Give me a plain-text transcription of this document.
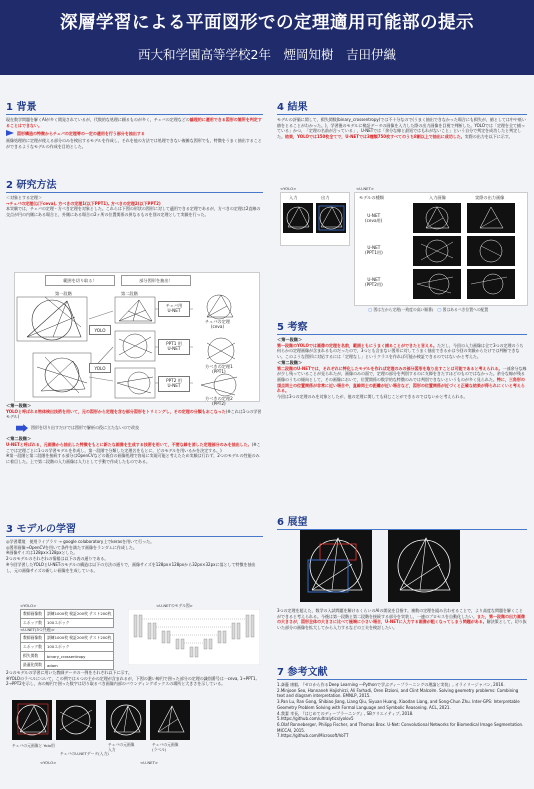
深層学習による平面図形での定理適用可能部の提示
西大和学園高等学校2年　煙岡知樹　吉田伊織
1 背景

現在数学問題を解くAIが多く開発されているが，代数的な処理に頼るものが多く，チェバの定理などの論理的に適用できる図形の箇所を判定することはできない。

図形構造の特徴からチェバの定理等の一定の適用を行う部分を抽出する

画像処理的に定理が使える部分のみを検出するモデルを作成し，それを他の方法では処理できない複雑な図形でも，特徴をうまく抽出することができるようなモデルの作成を目的とした。

2 研究方法

＜対象とする定理＞

→チェバの定理(以下ceva), 方べきの定理1(以下PPT1), 方べきの定理2(以下PPT2)

本実験では，チェバの定理・方べき定理を対象とした。これらは下図の形状の図形に対して適用できる定理であるが，方べきの定理は2直線の交点が円の内側にある場合と，外側にある場合の2ヶ所の位置関係の異なるものを別の定理として実験を行った。

範囲を切り取る！	部分図形を抽出！
第一段階	第二段階
YOLO
YOLO
チェバ用
U-NET
PPT1 用
U-NET
PPT2 用
U-NET
チェバの定理
(ceva)
方べきの定理1
(PPT1)
方べきの定理2
(PPT2)

＜第一段階＞

YOLOと呼ばれる物体検出技術を用いて，元の図形から定理を含む部分図形をトリミングし，その定理の分類もおこなった(※これは1つの学習モデル)

図形を切り出すだけでは図形で解析の役に立たないので改良

＜第二段階＞

U-NETと呼ばれる，元画像から抽出した特徴をもとに新たな画像を生成する技術を用いて，不要な線を消した定理部分のみを抽出した。(※ここでは定理ごとに1つの学習モデルを作成し，第一段階で分類した定理名をもとに，どのモデルを用いるかを決定する。)

※第一段階と第二段階を接続する部分はOpenCVなどの既存の画像処理で容易に実現可能と考えたため実験は行わず，2つのモデルの性能のみに着目した。上で第二段階の入力画像は人力として手動で作成したものである。

3 モデルの学習

◎学習環境　使用ライブラリ → google colaboratory上でkerasを用いて行った。

◎図形画像→OpenCVを用いて条件を満たす画像をランダムに作成した。

※画像サイズは128px×128pxとした。

2つのモデルのそれぞれの情報は以下の表の通りである。

※今回学習したYOLOとU-NETのモデルの構造は以下の方法の通りで，画像サイズを128px×128pxから32px×32pxに落として特徴を抽出し，元の画像サイズの新しい画像を生成している。

<YOLO>
教師画像数	訓練1000枚 検証200枚 テスト200枚
エポック数	100エポック
<U-NET(3つ共通)>
教師画像数	訓練1000枚 検証200枚 テスト200枚
エポック数	100エポック
損失関数	binary_crossentropy
最適化関数	adam
<U-NETのモデル図>

2つのモデルの学習に用いた教師データの一例をそれぞれ以下に示す。

※YOLOのラベルについて，この例ではｓつの主かの定理が含まれるが，下図の濃い線円で囲った部分の定理の識別番号は一ceva, 1→PPT1, 2→PPT2を示し，赤の線円で囲った数字は切り取るべき画像内部のバウンディングボックスの場所と大きさを示している。

チェバの元画像と Yolo用
チェバのU-NETデータ(入力)
チェバの元画像
入力
チェバの元画像
(ラベル)
<YOLO>	<U-NET>
4 結果

モデルの評価に関して，損失関数(binary_crossentropy)では不十分なので(うまく抽出できなかった場合にも損失が，値としては中や低い値をとることがわかった。)，学習後のモデルに検証データの画像を入力した際の出力画像を目視で判断した。YOLOでは「定理を全て捕っている」かつ，「定理の名前が合っている」，U-NETでは「余分な線と最短ではもれがないこと」という自分で判定を成功したと判定した。結果，YOLOでは150枚全てで，U-NETでは3種類750枚すべてのうち8割以上で抽出に成功した。実際の出力を以下に示す。

<YOLO>	<U-NET>
入力	出力	モデルの種類	入力画像	実際の出力画像
U-NET
(ceva用)
U-NET
(PPT1用)
U-NET
(PPT2用)
◯ 図は左から定理(一致度の高い順番)　 ◯ 図はあるべき位置への配置
5 考察

＜第一段階＞

第一段階のYOLOでは画像の定理を名前，範囲ともにうまく捕ることができたと言える。ただし，今回の入力画像は全て3つの定理のうち何らかの定理画像が含まれるものだったので，3つとも含まない図形に対してうまく抽出できるかは今回の実験からだけでは判断できない。このような図形に対応するには「定理なし」というクラスを作れば可能か検証できるのではないかと考えた。

＜第二段階＞

第二段階のU-NETでは，それぞれに特化したモデルを作れば定理のみの部分図形を取り出すことは可能であると考えられる。一部余分な線が少し残っていることが見られたが，画像のみの面で，定理の部分を判別するのに支障をきたすほどのものではなかった。余分な線が残る画像のうちの傾向として，その画像において，位置関係の数学的な特徴のみでは判別できないというものが多く見られた。特に，三角形の頂点同士の位置関係が非常に近い場合や，直線同士の距離が近い場合など，図形の位置関係が近づくと正確な結果が得られにくいと考えられる。

今回は3つの定理のみを対象としたが，他の定理に関しても同じことができるのではないかと考えられる。

6 展望

3つの定理を超えた，数学の入試問題を解けるくらいのAIの開発を目指す。複数の定理を組み合わせることで，より高度な問題を解くことができると考えられる。今後は第一段階と第二段階を接続する部分を実装し，一連のプロセスを自動化したい。また，第一段階の出力画像の大きさが，図形全体の大きさに比べて極端に小さい場合，U-NETに入力する画像が粗くなってしまう問題がある。解決策として，切り抜いた部分の画像を拡大してから入力するなどの工夫を検討したい。

7 参考文献

1.斎藤 康毅, 『ゼロから作るDeep Learning ―Pythonで学ぶディープラーニングの理論と実装』, オライリージャパン, 2016.

2.Minjoon Seo, Hannaneh Hajishirzi, Ali Farhadi, Oren Etzioni, and Clint Malcolm. Solving geometry problems: Combining text and diagram interpretation. EMNLP, 2015.

3.Pan Lu, Ran Gong, Shibiao Jiang, Liang Qiu, Siyuan Huang, Xiaodan Liang, and Song-Chun Zhu. Inter-GPS: Interpretable Geometry Problem Solving with Formal Language and Symbolic Reasoning. ACL, 2021.

4.我妻 幸長, 『はじめてのディープラーニング』, SBクリエイティブ, 2018.

5.https://github.com/ultralytics/yolov5

6.Olaf Ronneberger, Philipp Fischer, and Thomas Brox. U-Net: Convolutional Networks for Biomedical Image Segmentation. MICCAI, 2015.

7.https://github.com/Microsoft/VoTT
